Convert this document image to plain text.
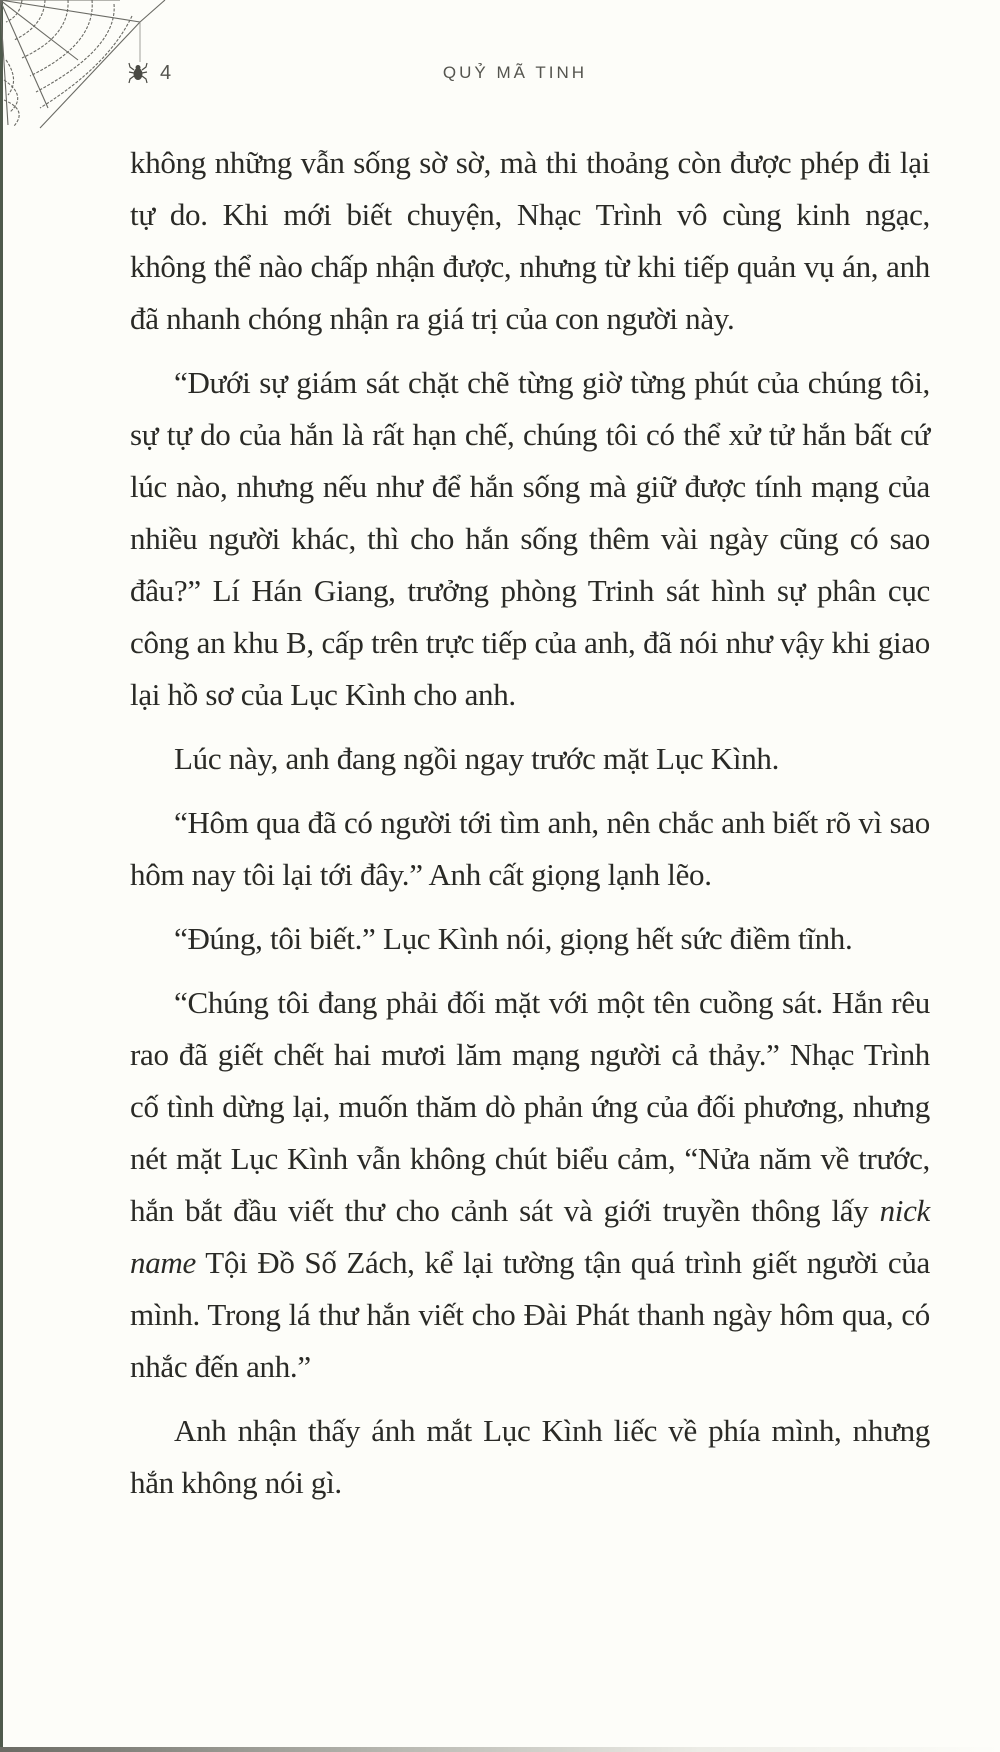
4	QUỶ MÃ TINH

không những vẫn sống sờ sờ, mà thi thoảng còn được phép đi lại tự do. Khi mới biết chuyện, Nhạc Trình vô cùng kinh ngạc, không thể nào chấp nhận được, nhưng từ khi tiếp quản vụ án, anh đã nhanh chóng nhận ra giá trị của con người này.

“Dưới sự giám sát chặt chẽ từng giờ từng phút của chúng tôi, sự tự do của hắn là rất hạn chế, chúng tôi có thể xử tử hắn bất cứ lúc nào, nhưng nếu như để hắn sống mà giữ được tính mạng của nhiều người khác, thì cho hắn sống thêm vài ngày cũng có sao đâu?” Lí Hán Giang, trưởng phòng Trinh sát hình sự phân cục công an khu B, cấp trên trực tiếp của anh, đã nói như vậy khi giao lại hồ sơ của Lục Kình cho anh.

Lúc này, anh đang ngồi ngay trước mặt Lục Kình.

“Hôm qua đã có người tới tìm anh, nên chắc anh biết rõ vì sao hôm nay tôi lại tới đây.” Anh cất giọng lạnh lẽo.

“Đúng, tôi biết.” Lục Kình nói, giọng hết sức điềm tĩnh.

“Chúng tôi đang phải đối mặt với một tên cuồng sát. Hắn rêu rao đã giết chết hai mươi lăm mạng người cả thảy.” Nhạc Trình cố tình dừng lại, muốn thăm dò phản ứng của đối phương, nhưng nét mặt Lục Kình vẫn không chút biểu cảm, “Nửa năm về trước, hắn bắt đầu viết thư cho cảnh sát và giới truyền thông lấy nick name Tội Đồ Số Zách, kể lại tường tận quá trình giết người của mình. Trong lá thư hắn viết cho Đài Phát thanh ngày hôm qua, có nhắc đến anh.”

Anh nhận thấy ánh mắt Lục Kình liếc về phía mình, nhưng hắn không nói gì.
